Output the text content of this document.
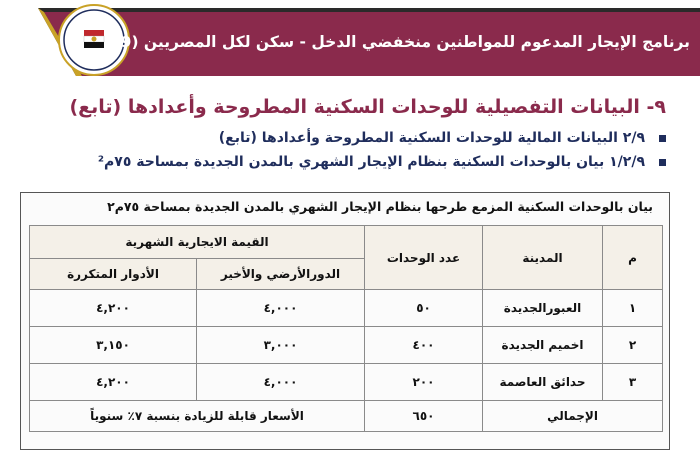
برنامج الإيجار المدعوم للمواطنين منخفضي الدخل - سكن لكل المصريين (9)
٩- البيانات التفصيلية للوحدات السكنية المطروحة وأعدادها (تابع)
٢/٩ البيانات المالية للوحدات السكنية المطروحة وأعدادها (تابع)
١/٢/٩ بيان بالوحدات السكنية بنظام الإيجار الشهري بالمدن الجديدة بمساحة ٧٥م²
بيان بالوحدات السكنية المزمع طرحها بنظام الإيجار الشهري بالمدن الجديدة بمساحة ٧٥م٢
م	المدينة	عدد الوحدات	القيمة الايجارية الشهرية	
			الدورالأرضي والأخير	الأدوار المتكررة
١	العبورالجديدة	٥٠	٤,٠٠٠	٤,٢٠٠
٢	اخميم الجديدة	٤٠٠	٣,٠٠٠	٣,١٥٠
٣	حدائق العاصمة	٢٠٠	٤,٠٠٠	٤,٢٠٠
الإجمالي		٦٥٠	الأسعار قابلة للزيادة بنسبة ٧٪ سنوياً	
